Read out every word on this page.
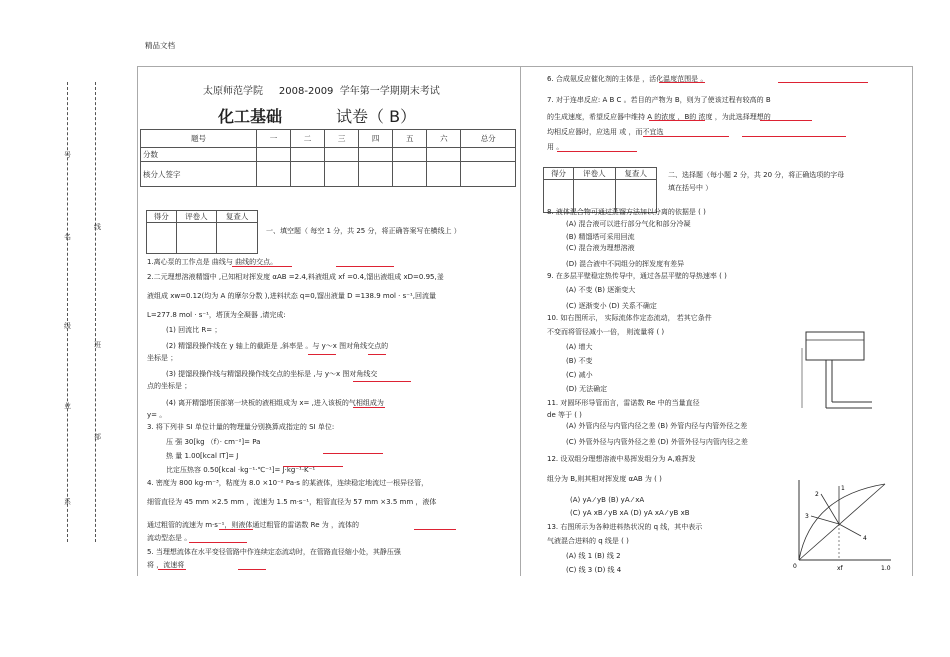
精品文档
号
线
名
级
班
业
部
系
太原师范学院 2008-2009 学年第一学期期末考试
化工基础	试卷（ B）
题号	一	二	三	四	五	六	总分
分数							
核分人签字							
得分	评卷人	复查人

一、填空题（ 每空 1 分，共 25 分，将正确答案写在横线上 ）
1.离心泵的工作点是 曲线与 曲线的交点。
2.二元理想溶液精馏中 ,已知相对挥发度 αAB =2.4,料液组成 xf =0.4,馏出液组成 xD=0.95,釜
液组成 xw=0.12(均为 A 的摩尔分数 ),进料状态 q=0,馏出液量 D =138.9 mol · s⁻¹,回流量
L=277.8 mol · s⁻¹，塔顶为全凝器 ,请完成:
(1) 回流比 R= ；
(2) 精馏段操作线在 y 轴上的截距是 ,斜率是 。与 y～x 图对角线交点的
坐标是 ；
(3) 提馏段操作线与精馏段操作线交点的坐标是 ,与 y～x 图对角线交
点的坐标是 ；
(4) 离开精馏塔顶部第一块板的液相组成为 x= ,进入该板的气相组成为
y= 。
3. 将下列非 SI 单位计量的物理量分别换算成指定的 SI 单位:
压 强 30[kg （f）· cm⁻²]= Pa
热 量 1.00[kcal IT]= J
比定压热容 0.50[kcal ·kg⁻¹·℃⁻¹]= J·kg⁻¹·K⁻¹
4. 密度为 800 kg·m⁻³，粘度为 8.0 ×10⁻² Pa·s 的某液体，连续稳定地流过一根异径管，
细管直径为 45 mm ×2.5 mm ，流速为 1.5 m·s⁻¹，粗管直径为 57 mm ×3.5 mm ，液体
通过粗管的流速为 m·s⁻¹，则液体通过粗管的雷诺数 Re 为 ，流体的
流动型态是 。
5. 当理想流体在水平变径管路中作连续定态流动时，在管路直径缩小处，其静压强
将 ，流速将
6. 合成氨反应催化剂的主体是 ，活化温度范围是 。
7. 对于连串反应: A B C 。若目的产物为 B，则为了使该过程有较高的 B
的生成速度，希望反应器中维持 A 的浓度 ，B的 浓度 ，为此选择理想的
均相反应器时，应选用 或 ，而不宜选
用 。
得分	评卷人	复查人
			二、选择题（每小题 2 分，共 20 分，将正确选项的字母
填在括号中 ）
8. 液体混合物可通过蒸馏方法加以分离的依据是 ( )
(A) 混合液可以进行部分气化和部分冷凝
(B) 精馏塔可采用回流
(C) 混合液为理想溶液
(D) 混合液中不同组分的挥发度有差异
9. 在多层平壁稳定热传导中，通过各层平壁的导热速率 ( )
(A) 不变 (B) 逐渐变大
(C) 逐渐变小 (D) 关系不确定
10. 如右图所示， 实际流体作定态流动， 若其它条件
不变而将管径减小一倍， 则流量将 ( )
(A) 增大
(B) 不变
(C) 减小
(D) 无法确定
11. 对圆环形导管而言，雷诺数 Re 中的当量直径
de 等于 ( )
(A) 外管内径与内管内径之差 (B) 外管内径与内管外径之差
(C) 外管外径与内管外径之差 (D) 外管外径与内管内径之差
12. 设双组分理想溶液中易挥发组分为 A,难挥发
组分为 B,则其相对挥发度 αAB 为 ( )
(A) yA ⁄ yB (B) yA ⁄ xA
(C) yA xB ⁄ yB xA (D) yA xA ⁄ yB xB
13. 右图所示为各种进料热状况的 q 线，其中表示
气液混合进料的 q 线是 ( )
(A) 线 1 (B) 线 2
(C) 线 3 (D) 线 4	xf
0	1.0
1
2
3
4
